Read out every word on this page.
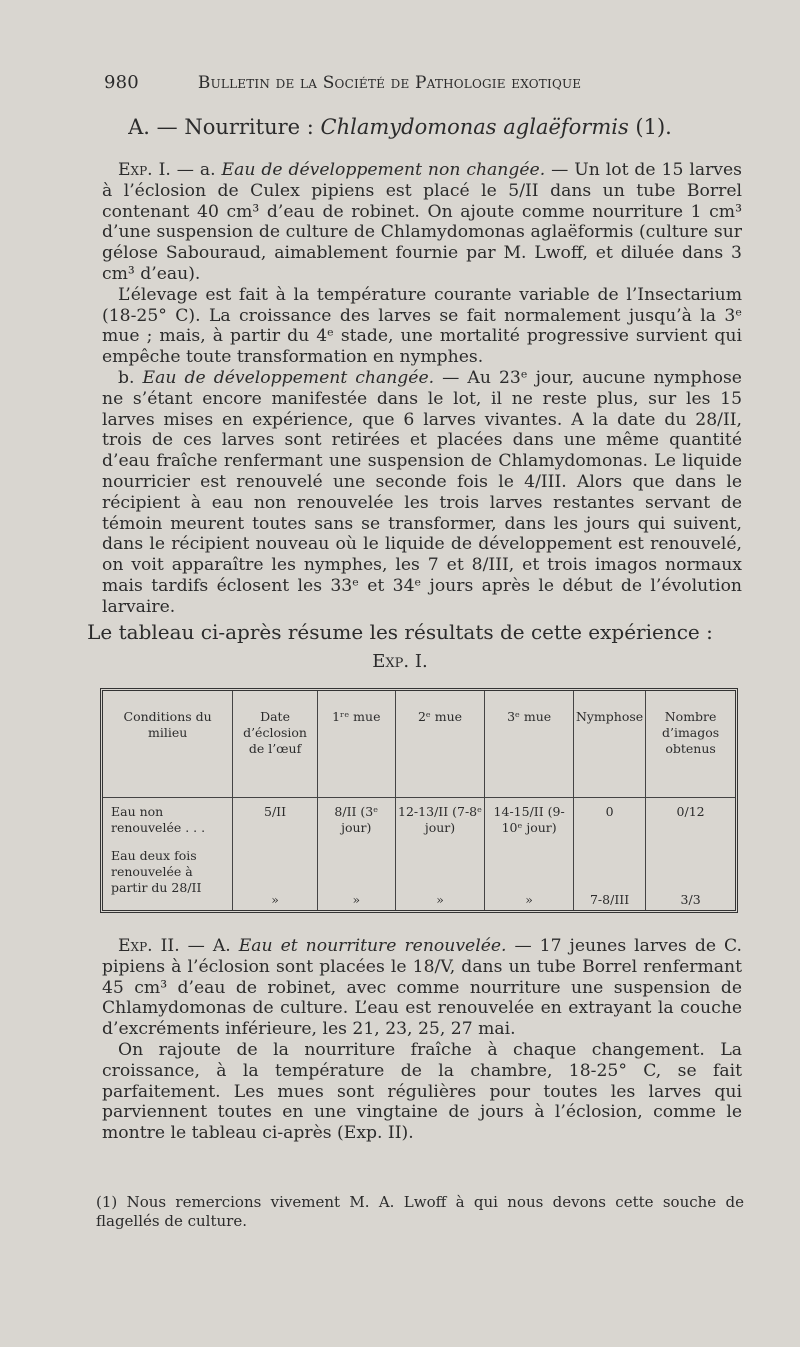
980	Bulletin de la Société de Pathologie exotique
A. — Nourriture : Chlamydomonas aglaëformis (1).

Exp. I. — a. Eau de développement non changée. — Un lot de 15 larves à l’éclosion de Culex pipiens est placé le 5/II dans un tube Borrel contenant 40 cm³ d’eau de robinet. On ajoute comme nourriture 1 cm³ d’une suspension de culture de Chlamydomonas aglaëformis (culture sur gélose Sabouraud, aimablement fournie par M. Lwoff, et diluée dans 3 cm³ d’eau).

L’élevage est fait à la température courante variable de l’Insectarium (18-25° C). La croissance des larves se fait normalement jusqu’à la 3ᵉ mue ; mais, à partir du 4ᵉ stade, une mortalité progressive survient qui empêche toute transformation en nymphes.

b. Eau de développement changée. — Au 23ᵉ jour, aucune nymphose ne s’étant encore manifestée dans le lot, il ne reste plus, sur les 15 larves mises en expérience, que 6 larves vivantes. A la date du 28/II, trois de ces larves sont retirées et placées dans une même quantité d’eau fraîche renfermant une suspension de Chlamydomonas. Le liquide nourricier est renouvelé une seconde fois le 4/III. Alors que dans le récipient à eau non renouvelée les trois larves restantes servant de témoin meurent toutes sans se transformer, dans les jours qui suivent, dans le récipient nouveau où le liquide de développement est renouvelé, on voit apparaître les nymphes, les 7 et 8/III, et trois imagos normaux mais tardifs éclosent les 33ᵉ et 34ᵉ jours après le début de l’évolution larvaire.

Le tableau ci-après résume les résultats de cette expérience :
Exp. I.
Conditions du milieu	Date d’éclosion de l’œuf	1ʳᵉ mue	2ᵉ mue	3ᵉ mue	Nymphose	Nombre d’imagos obtenus

Eau non renouvelée . . .	5/II	8/II (3ᵉ jour)	12-13/II (7-8ᵉ jour)	14-15/II (9-10ᵉ jour)	0	0/12
Eau deux fois renouvelée à partir du 28/II	»	»	»	»	7-8/III	3/3

Exp. II. — A. Eau et nourriture renouvelée. — 17 jeunes larves de C. pipiens à l’éclosion sont placées le 18/V, dans un tube Borrel renfermant 45 cm³ d’eau de robinet, avec comme nourriture une suspension de Chlamydomonas de culture. L’eau est renouvelée en extrayant la couche d’excréments inférieure, les 21, 23, 25, 27 mai.

On rajoute de la nourriture fraîche à chaque changement. La croissance, à la température de la chambre, 18-25° C, se fait parfaitement. Les mues sont régulières pour toutes les larves qui parviennent toutes en une vingtaine de jours à l’éclosion, comme le montre le tableau ci-après (Exp. II).

(1) Nous remercions vivement M. A. Lwoff à qui nous devons cette souche de flagellés de culture.
